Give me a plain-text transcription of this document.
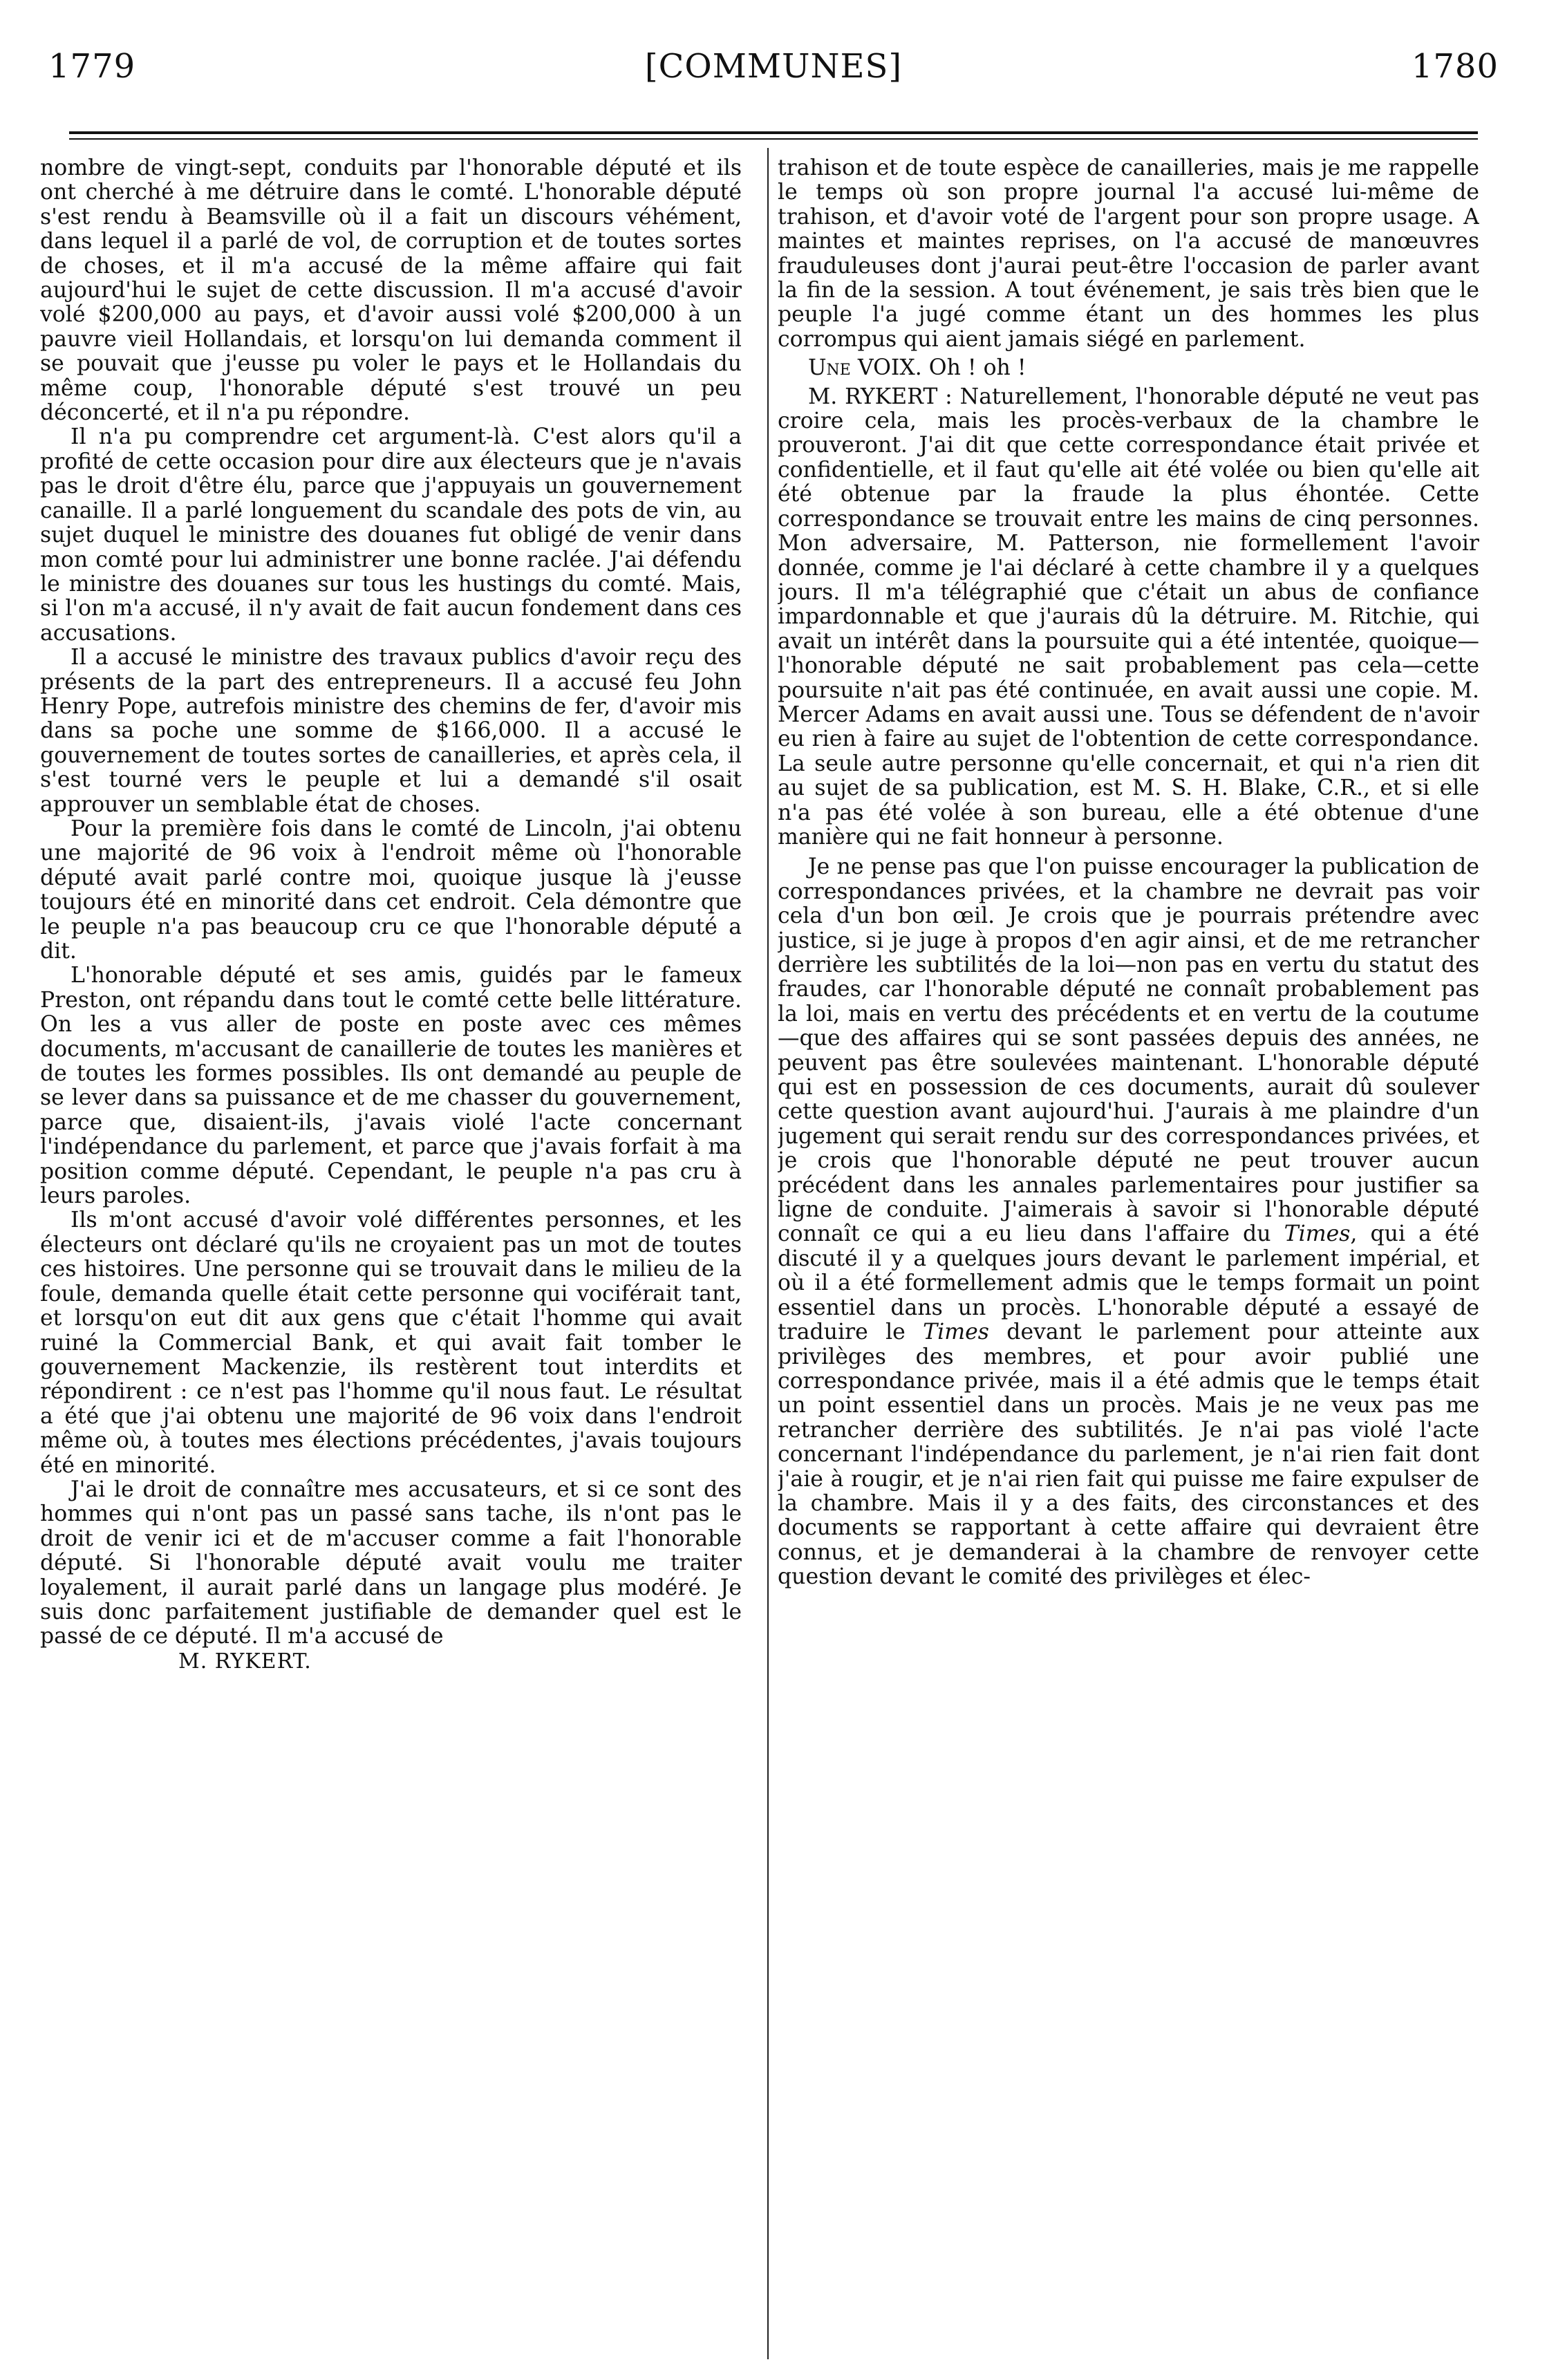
1779	[COMMUNES]	1780

nombre de vingt-sept, conduits par l'honorable député et ils ont cherché à me détruire dans le comté. L'honorable député s'est rendu à Beamsville où il a fait un discours véhément, dans lequel il a parlé de vol, de corruption et de toutes sortes de choses, et il m'a accusé de la même affaire qui fait aujourd'hui le sujet de cette discussion. Il m'a accusé d'avoir volé $200,000 au pays, et d'avoir aussi volé $200,000 à un pauvre vieil Hollandais, et lorsqu'on lui demanda comment il se pouvait que j'eusse pu voler le pays et le Hollandais du même coup, l'honorable député s'est trouvé un peu déconcerté, et il n'a pu répondre.

Il n'a pu comprendre cet argument-là. C'est alors qu'il a profité de cette occasion pour dire aux électeurs que je n'avais pas le droit d'être élu, parce que j'appuyais un gouvernement canaille. Il a parlé longuement du scandale des pots de vin, au sujet duquel le ministre des douanes fut obligé de venir dans mon comté pour lui administrer une bonne raclée. J'ai défendu le ministre des douanes sur tous les hustings du comté. Mais, si l'on m'a accusé, il n'y avait de fait aucun fondement dans ces accusations.

Il a accusé le ministre des travaux publics d'avoir reçu des présents de la part des entrepreneurs. Il a accusé feu John Henry Pope, autrefois ministre des chemins de fer, d'avoir mis dans sa poche une somme de $166,000. Il a accusé le gouvernement de toutes sortes de canailleries, et après cela, il s'est tourné vers le peuple et lui a demandé s'il osait approuver un semblable état de choses.

Pour la première fois dans le comté de Lincoln, j'ai obtenu une majorité de 96 voix à l'endroit même où l'honorable député avait parlé contre moi, quoique jusque là j'eusse toujours été en minorité dans cet endroit. Cela démontre que le peuple n'a pas beaucoup cru ce que l'honorable député a dit.

L'honorable député et ses amis, guidés par le fameux Preston, ont répandu dans tout le comté cette belle littérature. On les a vus aller de poste en poste avec ces mêmes documents, m'accusant de canaillerie de toutes les manières et de toutes les formes possibles. Ils ont demandé au peuple de se lever dans sa puissance et de me chasser du gouvernement, parce que, disaient-ils, j'avais violé l'acte concernant l'indépendance du parlement, et parce que j'avais forfait à ma position comme député. Cependant, le peuple n'a pas cru à leurs paroles.

Ils m'ont accusé d'avoir volé différentes personnes, et les électeurs ont déclaré qu'ils ne croyaient pas un mot de toutes ces histoires. Une personne qui se trouvait dans le milieu de la foule, demanda quelle était cette personne qui vociférait tant, et lorsqu'on eut dit aux gens que c'était l'homme qui avait ruiné la Commercial Bank, et qui avait fait tomber le gouvernement Mackenzie, ils restèrent tout interdits et répondirent : ce n'est pas l'homme qu'il nous faut. Le résultat a été que j'ai obtenu une majorité de 96 voix dans l'endroit même où, à toutes mes élections précédentes, j'avais toujours été en minorité.

J'ai le droit de connaître mes accusateurs, et si ce sont des hommes qui n'ont pas un passé sans tache, ils n'ont pas le droit de venir ici et de m'accuser comme a fait l'honorable député. Si l'honorable député avait voulu me traiter loyalement, il aurait parlé dans un langage plus modéré. Je suis donc parfaitement justifiable de demander quel est le passé de ce député. Il m'a accusé de

M. RYKERT.

trahison et de toute espèce de canailleries, mais je me rappelle le temps où son propre journal l'a accusé lui-même de trahison, et d'avoir voté de l'argent pour son propre usage. A maintes et maintes reprises, on l'a accusé de manœuvres frauduleuses dont j'aurai peut-être l'occasion de parler avant la fin de la session. A tout événement, je sais très bien que le peuple l'a jugé comme étant un des hommes les plus corrompus qui aient jamais siégé en parlement.

Une VOIX. Oh ! oh !

M. RYKERT : Naturellement, l'honorable député ne veut pas croire cela, mais les procès-verbaux de la chambre le prouveront. J'ai dit que cette correspondance était privée et confidentielle, et il faut qu'elle ait été volée ou bien qu'elle ait été obtenue par la fraude la plus éhontée. Cette correspondance se trouvait entre les mains de cinq personnes. Mon adversaire, M. Patterson, nie formellement l'avoir donnée, comme je l'ai déclaré à cette chambre il y a quelques jours. Il m'a télégraphié que c'était un abus de confiance impardonnable et que j'aurais dû la détruire. M. Ritchie, qui avait un intérêt dans la poursuite qui a été intentée, quoique—l'honorable député ne sait probablement pas cela—cette poursuite n'ait pas été continuée, en avait aussi une copie. M. Mercer Adams en avait aussi une. Tous se défendent de n'avoir eu rien à faire au sujet de l'obtention de cette correspondance. La seule autre personne qu'elle concernait, et qui n'a rien dit au sujet de sa publication, est M. S. H. Blake, C.R., et si elle n'a pas été volée à son bureau, elle a été obtenue d'une manière qui ne fait honneur à personne.

Je ne pense pas que l'on puisse encourager la publication de correspondances privées, et la chambre ne devrait pas voir cela d'un bon œil. Je crois que je pourrais prétendre avec justice, si je juge à propos d'en agir ainsi, et de me retrancher derrière les subtilités de la loi—non pas en vertu du statut des fraudes, car l'honorable député ne connaît probablement pas la loi, mais en vertu des précédents et en vertu de la coutume—que des affaires qui se sont passées depuis des années, ne peuvent pas être soulevées maintenant. L'honorable député qui est en possession de ces documents, aurait dû soulever cette question avant aujourd'hui. J'aurais à me plaindre d'un jugement qui serait rendu sur des correspondances privées, et je crois que l'honorable député ne peut trouver aucun précédent dans les annales parlementaires pour justifier sa ligne de conduite. J'aimerais à savoir si l'honorable député connaît ce qui a eu lieu dans l'affaire du Times, qui a été discuté il y a quelques jours devant le parlement impérial, et où il a été formellement admis que le temps formait un point essentiel dans un procès. L'honorable député a essayé de traduire le Times devant le parlement pour atteinte aux privilèges des membres, et pour avoir publié une correspondance privée, mais il a été admis que le temps était un point essentiel dans un procès. Mais je ne veux pas me retrancher derrière des subtilités. Je n'ai pas violé l'acte concernant l'indépendance du parlement, je n'ai rien fait dont j'aie à rougir, et je n'ai rien fait qui puisse me faire expulser de la chambre. Mais il y a des faits, des circonstances et des documents se rapportant à cette affaire qui devraient être connus, et je demanderai à la chambre de renvoyer cette question devant le comité des privilèges et élec-
